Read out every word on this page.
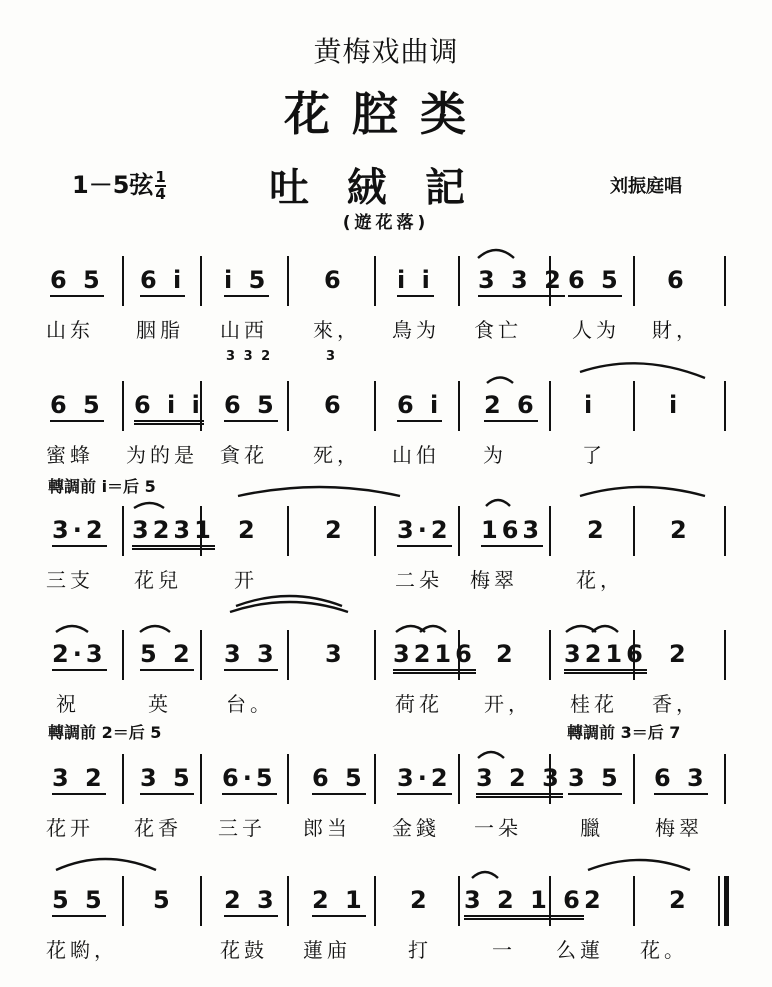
黄梅戏曲调
花腔类
1－5弦 $\frac{1}{4}$	吐絨記	刘振庭唱
(遊花落)
6 5 6 i i 5 6 i i 3 3 2 6 5 6
山东 胭脂 山西 來， 鳥为 食亡	人为 財，
3 3 2	3
6 5 6 i i 6 5 6 6 i 2 6 i	i
蜜蜂 为的是 貪花 死， 山伯 为	了
轉調前 i＝后 5
3·2 3231 2	2 3·2 163 2	2
三支 花兒	开	二朵 梅翠	花，
2·3 5 2 3 3 3 3216 2 3216 2
祝	英	台。	荷花 开， 桂花 香，
轉調前 2＝后 5	轉調前 3＝后 7
3 2 3 5 6·5 6 5 3·2 3 2 3 3 5 6 3
花开 花香 三子 郎当 金錢 一朵	臘	梅翠
5 5 5 2 3 2 1 2 3 2 1 6 2	2
花喲，	花鼓 蓮庙	打	一 么蓮 花。
